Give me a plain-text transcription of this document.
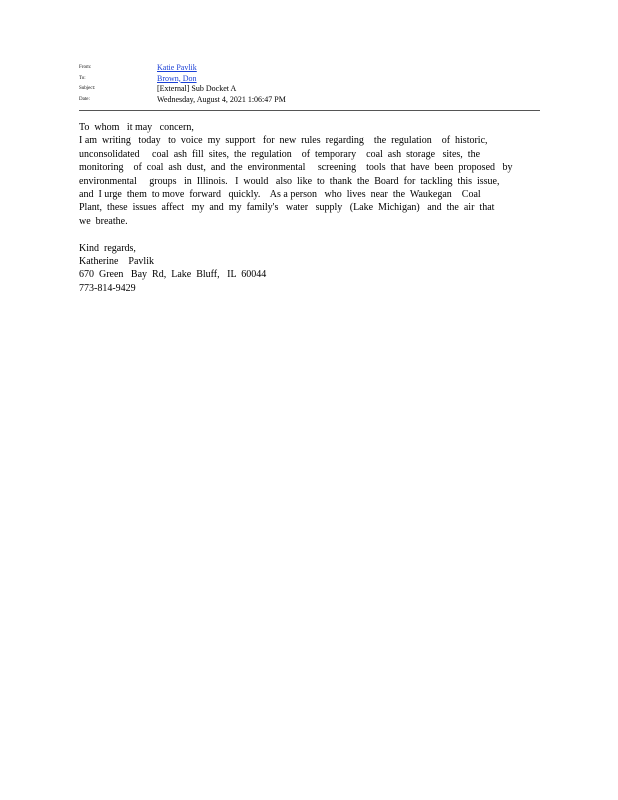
From:	Katie Pavlik
To:	Brown, Don
Subject:	[External] Sub Docket A
Date:	Wednesday, August 4, 2021 1:06:47 PM
To  whom   it may   concern,
I am  writing   today   to  voice  my  support   for  new  rules  regarding    the  regulation    of  historic,
unconsolidated     coal  ash  fill  sites,  the  regulation    of  temporary    coal  ash  storage   sites,  the
monitoring    of  coal  ash  dust,  and  the  environmental     screening    tools  that  have  been  proposed   by
environmental     groups   in  Illinois.   I  would   also  like  to  thank  the  Board  for  tackling  this  issue,
and  I urge  them  to move  forward   quickly.    As a person   who  lives  near  the  Waukegan    Coal
Plant,  these  issues  affect   my  and  my  family's   water   supply   (Lake  Michigan)   and  the  air  that
we  breathe.
Kind  regards,
Katherine    Pavlik
670  Green   Bay  Rd,  Lake  Bluff,   IL  60044
773-814-9429
